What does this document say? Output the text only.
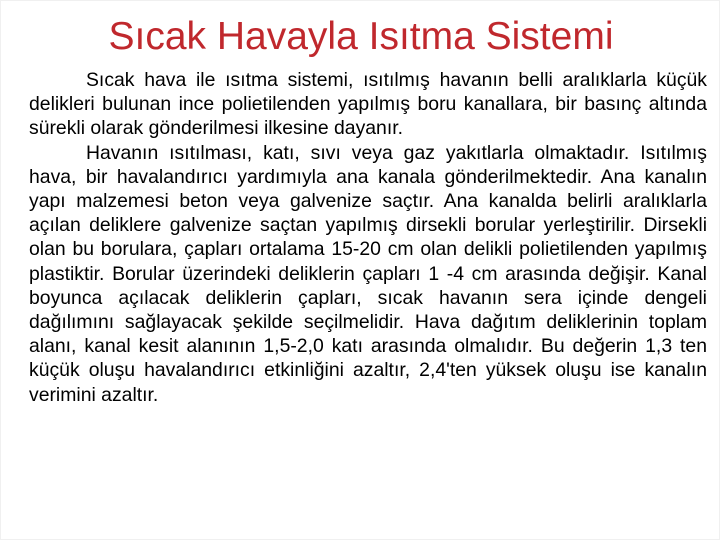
Sıcak Havayla Isıtma Sistemi

Sıcak hava ile ısıtma sistemi, ısıtılmış havanın belli aralıklarla küçük delikleri bulunan ince polietilenden yapılmış boru kanallara, bir basınç altında sürekli olarak gönderilmesi ilkesine dayanır.

Havanın ısıtılması, katı, sıvı veya gaz yakıtlarla olmaktadır. Isıtılmış hava, bir havalandırıcı yardımıyla ana kanala gönderilmektedir. Ana kanalın yapı malzemesi beton veya galvenize saçtır. Ana kanalda belirli aralıklarla açılan deliklere galvenize saçtan yapılmış dirsekli borular yerleştirilir. Dirsekli olan bu borulara, çapları ortalama 15-20 cm olan delikli polietilenden yapılmış plastiktir. Borular üzerindeki deliklerin çapları 1 -4 cm arasında değişir. Kanal boyunca açılacak deliklerin çapları, sıcak havanın sera içinde dengeli dağılımını sağlayacak şekilde seçilmelidir. Hava dağıtım deliklerinin toplam alanı, kanal kesit alanının 1,5-2,0 katı arasında olmalıdır. Bu değerin 1,3 ten küçük oluşu havalandırıcı etkinliğini azaltır, 2,4'ten yüksek oluşu ise kanalın verimini azaltır.
